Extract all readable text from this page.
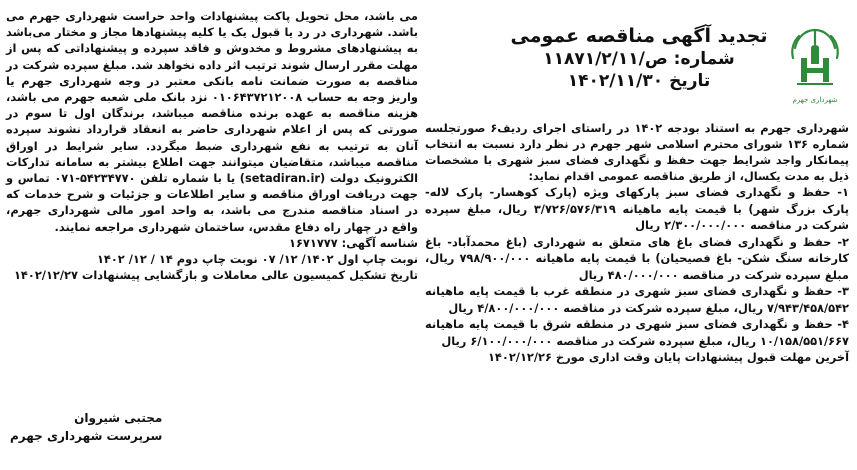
شهرداری جهرم
تجدید آگهی مناقصه عمومی
شماره: ص/۱۱۸۷۱/۲/۱۱
تاریخ ۱۴۰۲/۱۱/۳۰

شهرداری جهرم به استناد بودجه ۱۴۰۲ در راستای اجرای ردیف۶ صورتجلسه شماره ۱۳۶ شورای محترم اسلامی شهر جهرم در نظر دارد نسبت به انتخاب پیمانکار واجد شرایط جهت حفظ و نگهداری فضای سبز شهری با مشخصات ذیل به مدت یکسال، از طریق مناقصه عمومی اقدام نماید:

۱- حفظ و نگهداری فضای سبز پارکهای ویژه (پارک کوهسار- پارک لاله- پارک بزرگ شهر) با قیمت پایه ماهیانه ۳/۷۲۶/۵۷۶/۳۱۹ ریال، مبلغ سپرده شرکت در مناقصه ۲/۳۰۰/۰۰۰/۰۰۰ ریال

۲- حفظ و نگهداری فضای باغ های متعلق به شهرداری (باغ محمدآباد- باغ کارخانه سنگ شکن- باغ فصیحیان) با قیمت پایه ماهیانه ۷۹۸/۹۰۰/۰۰۰ ریال، مبلغ سپرده شرکت در مناقصه ۴۸۰/۰۰۰/۰۰۰ ریال

۳- حفظ و نگهداری فضای سبز شهری در منطقه غرب با قیمت پایه ماهیانه ۷/۹۴۳/۴۵۸/۵۴۲ ریال، مبلغ سپرده شرکت در مناقصه ۴/۸۰۰/۰۰۰/۰۰۰ ریال

۴- حفظ و نگهداری فضای سبز شهری در منطقه شرق با قیمت پایه ماهیانه ۱۰/۱۵۸/۵۵۱/۶۶۷ ریال، مبلغ سپرده شرکت در مناقصه ۶/۱۰۰/۰۰۰/۰۰۰ ریال

آخرین مهلت قبول پیشنهادات پایان وقت اداری مورخ ۱۴۰۲/۱۲/۲۶

می باشد، محل تحویل پاکت پیشنهادات واحد حراست شهرداری جهرم می باشد. شهرداری در رد یا قبول یک یا کلیه پیشنهادها مجاز و مختار می‌باشد به پیشنهادهای مشروط و مخدوش و فاقد سپرده و پیشنهاداتی که پس از مهلت مقرر ارسال شوند ترتیب اثر داده نخواهد شد. مبلغ سپرده شرکت در مناقصه به صورت ضمانت نامه بانکی معتبر در وجه شهرداری جهرم یا واریز وجه به حساب ۰۱۰۶۴۳۷۲۱۲۰۰۸ نزد بانک ملی شعبه جهرم می باشد، هزینه مناقصه به عهده برنده مناقصه میباشد، برندگان اول تا سوم در صورتی که پس از اعلام شهرداری حاضر به انعقاد قرارداد نشوند سپرده آنان به ترتیب به نفع شهرداری ضبط میگردد. سایر شرایط در اوراق مناقصه میباشد، متقاضیان میتوانند جهت اطلاع بیشتر به سامانه تدارکات الکترونیک دولت (setadiran.ir) یا با شماره تلفن ۵۴۲۳۴۷۷۰-۰۷۱ تماس و جهت دریافت اوراق مناقصه و سایر اطلاعات و جزئیات و شرح خدمات که در اسناد مناقصه مندرج می باشد، به واحد امور مالی شهرداری جهرم، واقع در چهار راه دفاع مقدس، ساختمان شهرداری مراجعه نمایند.

شناسه آگهی: ۱۶۷۱۷۷۷

نوبت چاپ اول ۱۴۰۲/ ۱۲/ ۰۷ نوبت چاپ دوم ۱۴ / ۱۲/ ۱۴۰۲

تاریخ تشکیل کمیسیون عالی معاملات و بازگشایی پیشنهادات ۱۴۰۲/۱۲/۲۷

مجتبی شیروان
سرپرست شهرداری جهرم
